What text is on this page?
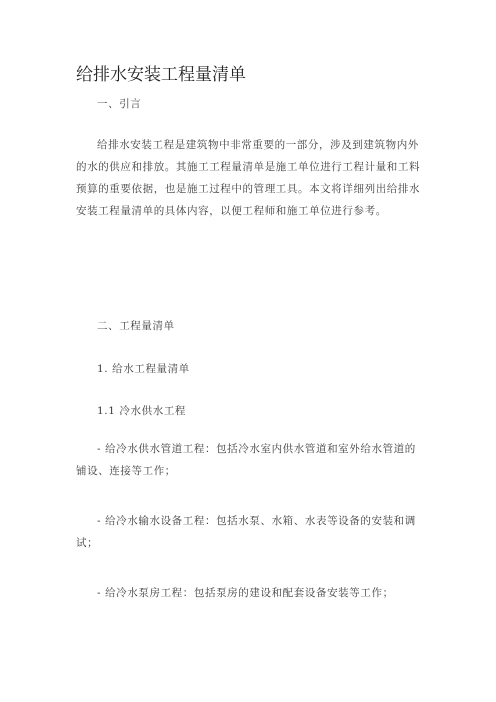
给排水安装工程量清单

一、引言

给排水安装工程是建筑物中非常重要的一部分，涉及到建筑物内外的水的供应和排放。其施工工程量清单是施工单位进行工程计量和工料预算的重要依据，也是施工过程中的管理工具。本文将详细列出给排水安装工程量清单的具体内容，以便工程师和施工单位进行参考。

二、工程量清单

1. 给水工程量清单

1.1 冷水供水工程

- 给冷水供水管道工程：包括冷水室内供水管道和室外给水管道的铺设、连接等工作；

- 给冷水输水设备工程：包括水泵、水箱、水表等设备的安装和调试；

- 给冷水泵房工程：包括泵房的建设和配套设备安装等工作；
